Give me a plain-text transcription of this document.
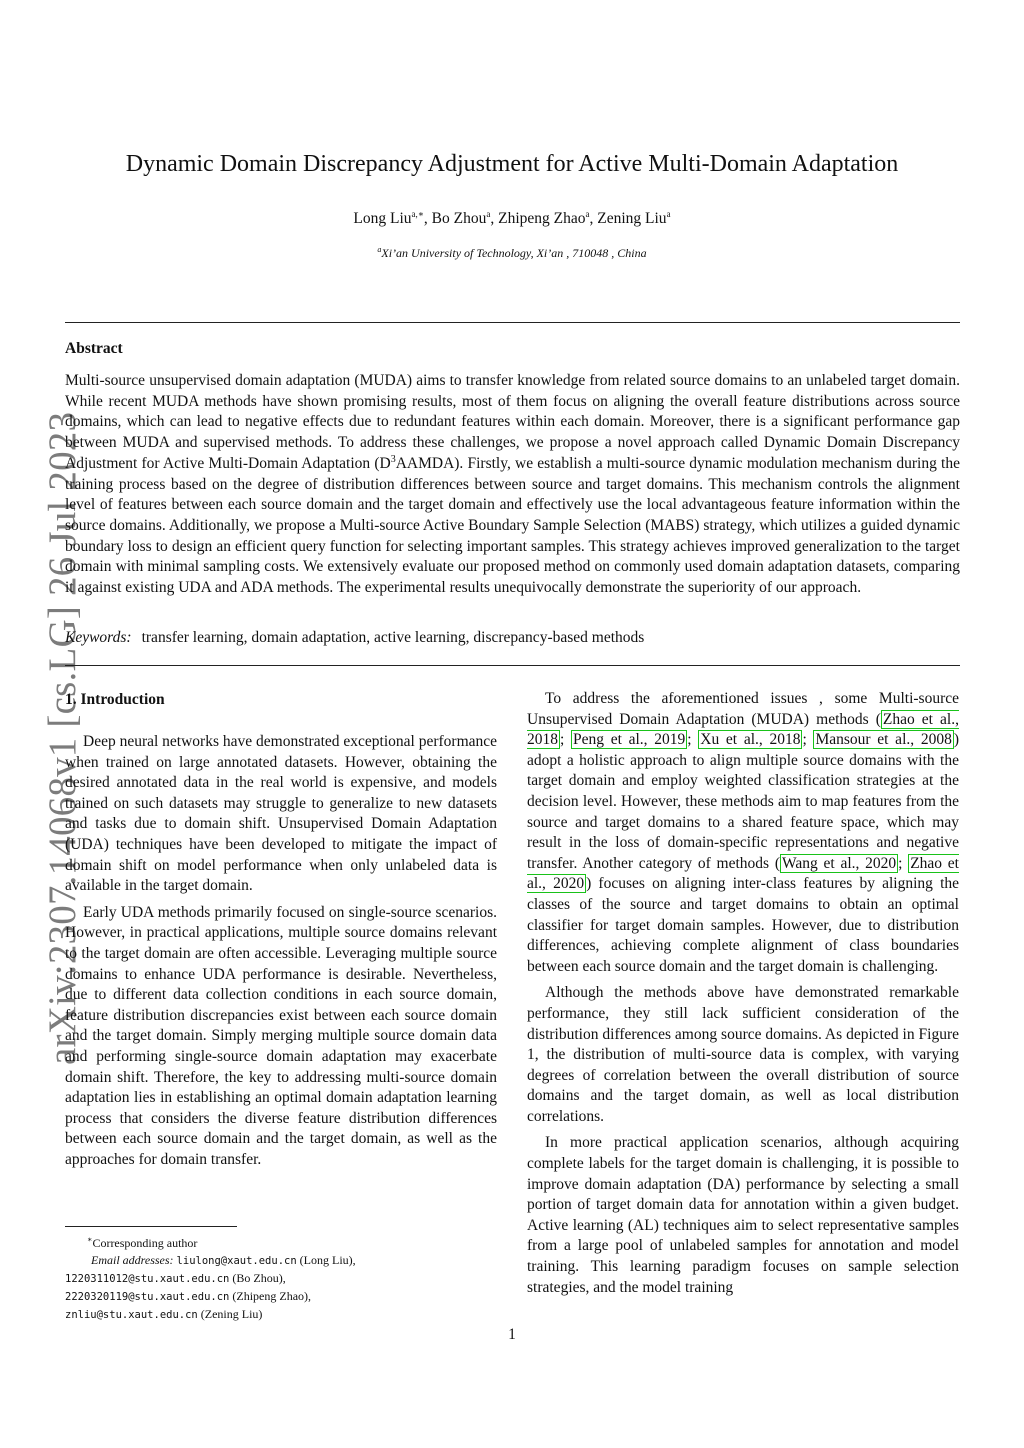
arXiv:2307.14068v1 [cs.LG] 26 Jul 2023
Dynamic Domain Discrepancy Adjustment for Active Multi-Domain Adaptation
Long Liu$^{a,∗}$, Bo Zhou$^a$, Zhipeng Zhao$^a$, Zening Liu$^a$
$^a$Xi’an University of Technology, Xi’an , 710048 , China
Abstract
Multi-source unsupervised domain adaptation (MUDA) aims to transfer knowledge from related source domains to an unlabeled target domain. While recent MUDA methods have shown promising results, most of them focus on aligning the overall feature distributions across source domains, which can lead to negative effects due to redundant features within each domain. Moreover, there is a significant performance gap between MUDA and supervised methods. To address these challenges, we propose a novel approach called Dynamic Domain Discrepancy Adjustment for Active Multi-Domain Adaptation $(D^3AAMDA)$. Firstly, we establish a multi-source dynamic modulation mechanism during the training process based on the degree of distribution differences between source and target domains. This mechanism controls the alignment level of features between each source domain and the target domain and effectively use the local advantageous feature information within the source domains. Additionally, we propose a Multi-source Active Boundary Sample Selection (MABS) strategy, which utilizes a guided dynamic boundary loss to design an efficient query function for selecting important samples. This strategy achieves improved generalization to the target domain with minimal sampling costs. We extensively evaluate our proposed method on commonly used domain adaptation datasets, comparing it against existing UDA and ADA methods. The experimental results unequivocally demonstrate the superiority of our approach.
Keywords: transfer learning, domain adaptation, active learning, discrepancy-based methods
1. Introduction

Deep neural networks have demonstrated exceptional performance when trained on large annotated datasets. However, obtaining the desired annotated data in the real world is expensive, and models trained on such datasets may struggle to generalize to new datasets and tasks due to domain shift. Unsupervised Domain Adaptation (UDA) techniques have been developed to mitigate the impact of domain shift on model performance when only unlabeled data is available in the target domain.

Early UDA methods primarily focused on single-source scenarios. However, in practical applications, multiple source domains relevant to the target domain are often accessible. Leveraging multiple source domains to enhance UDA performance is desirable. Nevertheless, due to different data collection conditions in each source domain, feature distribution discrepancies exist between each source domain and the target domain. Simply merging multiple source domain data and performing single-source domain adaptation may exacerbate domain shift. Therefore, the key to addressing multi-source domain adaptation lies in establishing an optimal domain adaptation learning process that considers the diverse feature distribution differences between each source domain and the target domain, as well as the approaches for domain transfer.

To address the aforementioned issues , some Multi-source Unsupervised Domain Adaptation (MUDA) methods ( Zhao et al., 2018 ; Peng et al., 2019 ; Xu et al., 2018 ; Mansour et al., 2008 ) adopt a holistic approach to align multiple source domains with the target domain and employ weighted classification strategies at the decision level. However, these methods aim to map features from the source and target domains to a shared feature space, which may result in the loss of domain-specific representations and negative transfer. Another category of methods ( Wang et al., 2020 ; Zhao et al., 2020 ) focuses on aligning inter-class features by aligning the classes of the source and target domains to obtain an optimal classifier for target domain samples. However, due to distribution differences, achieving complete alignment of class boundaries between each source domain and the target domain is challenging.

Although the methods above have demonstrated remarkable performance, they still lack sufficient consideration of the distribution differences among source domains. As depicted in Figure 1, the distribution of multi-source data is complex, with varying degrees of correlation between the overall distribution of source domains and the target domain, as well as local distribution correlations.

In more practical application scenarios, although acquiring complete labels for the target domain is challenging, it is possible to improve domain adaptation (DA) performance by selecting a small portion of target domain data for annotation within a given budget. Active learning (AL) techniques aim to select representative samples from a large pool of unlabeled samples for annotation and model training. This learning paradigm focuses on sample selection strategies, and the model training

∗Corresponding author
Email addresses: liulong@xaut.edu.cn (Long Liu),
1220311012@stu.xaut.edu.cn (Bo Zhou),
2220320119@stu.xaut.edu.cn (Zhipeng Zhao),
znliu@stu.xaut.edu.cn (Zening Liu)
1
